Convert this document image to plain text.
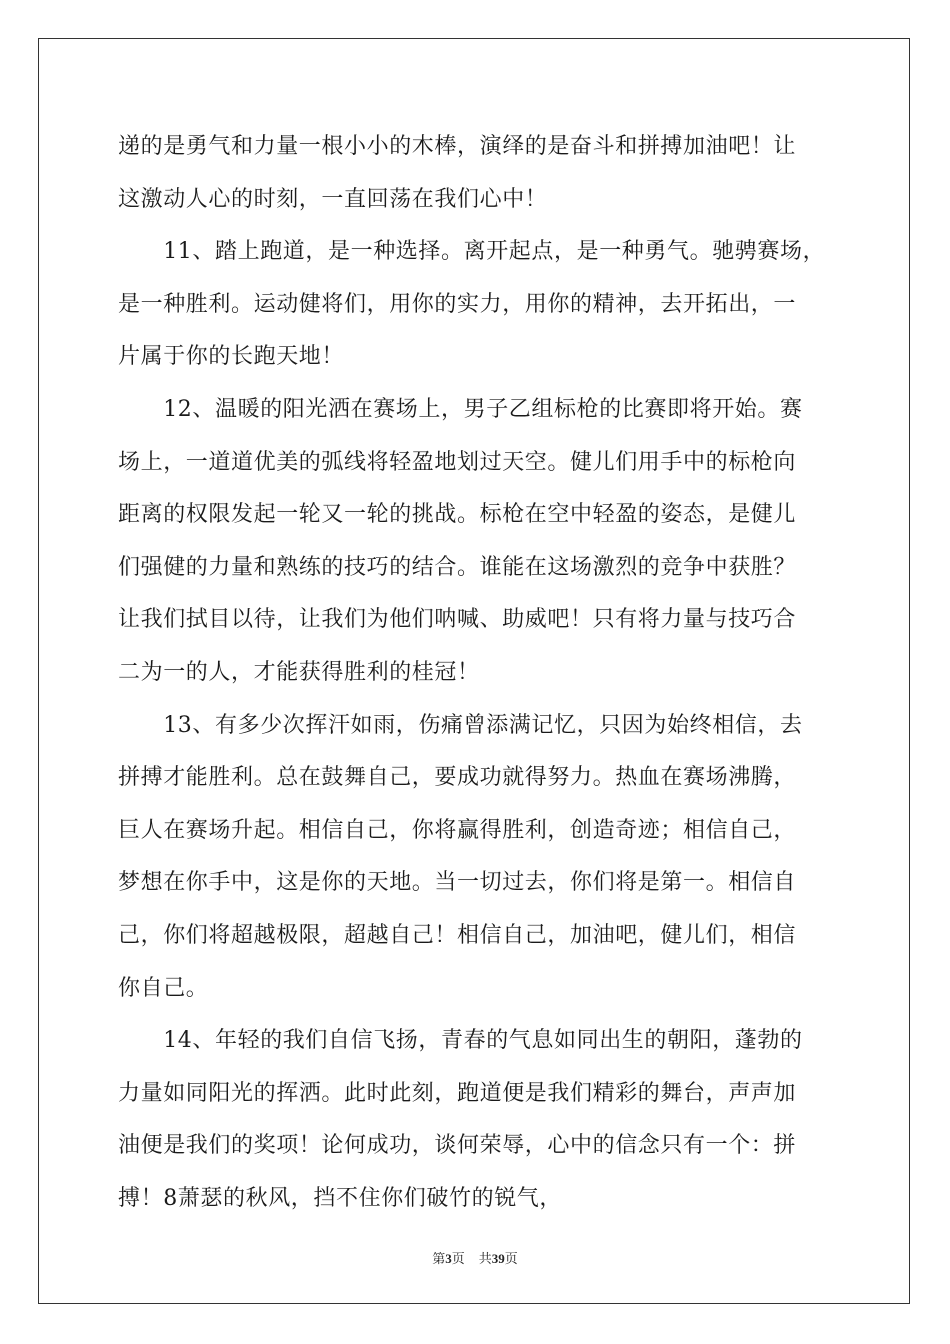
递的是勇气和力量一根小小的木棒，演绎的是奋斗和拼搏加油吧！让
这激动人心的时刻，一直回荡在我们心中！
　　11、踏上跑道，是一种选择。离开起点，是一种勇气。驰骋赛场，
是一种胜利。运动健将们，用你的实力，用你的精神，去开拓出，一
片属于你的长跑天地！
　　12、温暖的阳光洒在赛场上，男子乙组标枪的比赛即将开始。赛
场上，一道道优美的弧线将轻盈地划过天空。健儿们用手中的标枪向
距离的权限发起一轮又一轮的挑战。标枪在空中轻盈的姿态，是健儿
们强健的力量和熟练的技巧的结合。谁能在这场激烈的竞争中获胜？
让我们拭目以待，让我们为他们呐喊、助威吧！只有将力量与技巧合
二为一的人，才能获得胜利的桂冠！
　　13、有多少次挥汗如雨，伤痛曾添满记忆，只因为始终相信，去
拼搏才能胜利。总在鼓舞自己，要成功就得努力。热血在赛场沸腾，
巨人在赛场升起。相信自己，你将赢得胜利，创造奇迹；相信自己，
梦想在你手中，这是你的天地。当一切过去，你们将是第一。相信自
己，你们将超越极限，超越自己！相信自己，加油吧，健儿们，相信
你自己。
　　14、年轻的我们自信飞扬，青春的气息如同出生的朝阳，蓬勃的
力量如同阳光的挥洒。此时此刻，跑道便是我们精彩的舞台，声声加
油便是我们的奖项！论何成功，谈何荣辱，心中的信念只有一个：拼
搏！8萧瑟的秋风，挡不住你们破竹的锐气，
第3页 共39页
